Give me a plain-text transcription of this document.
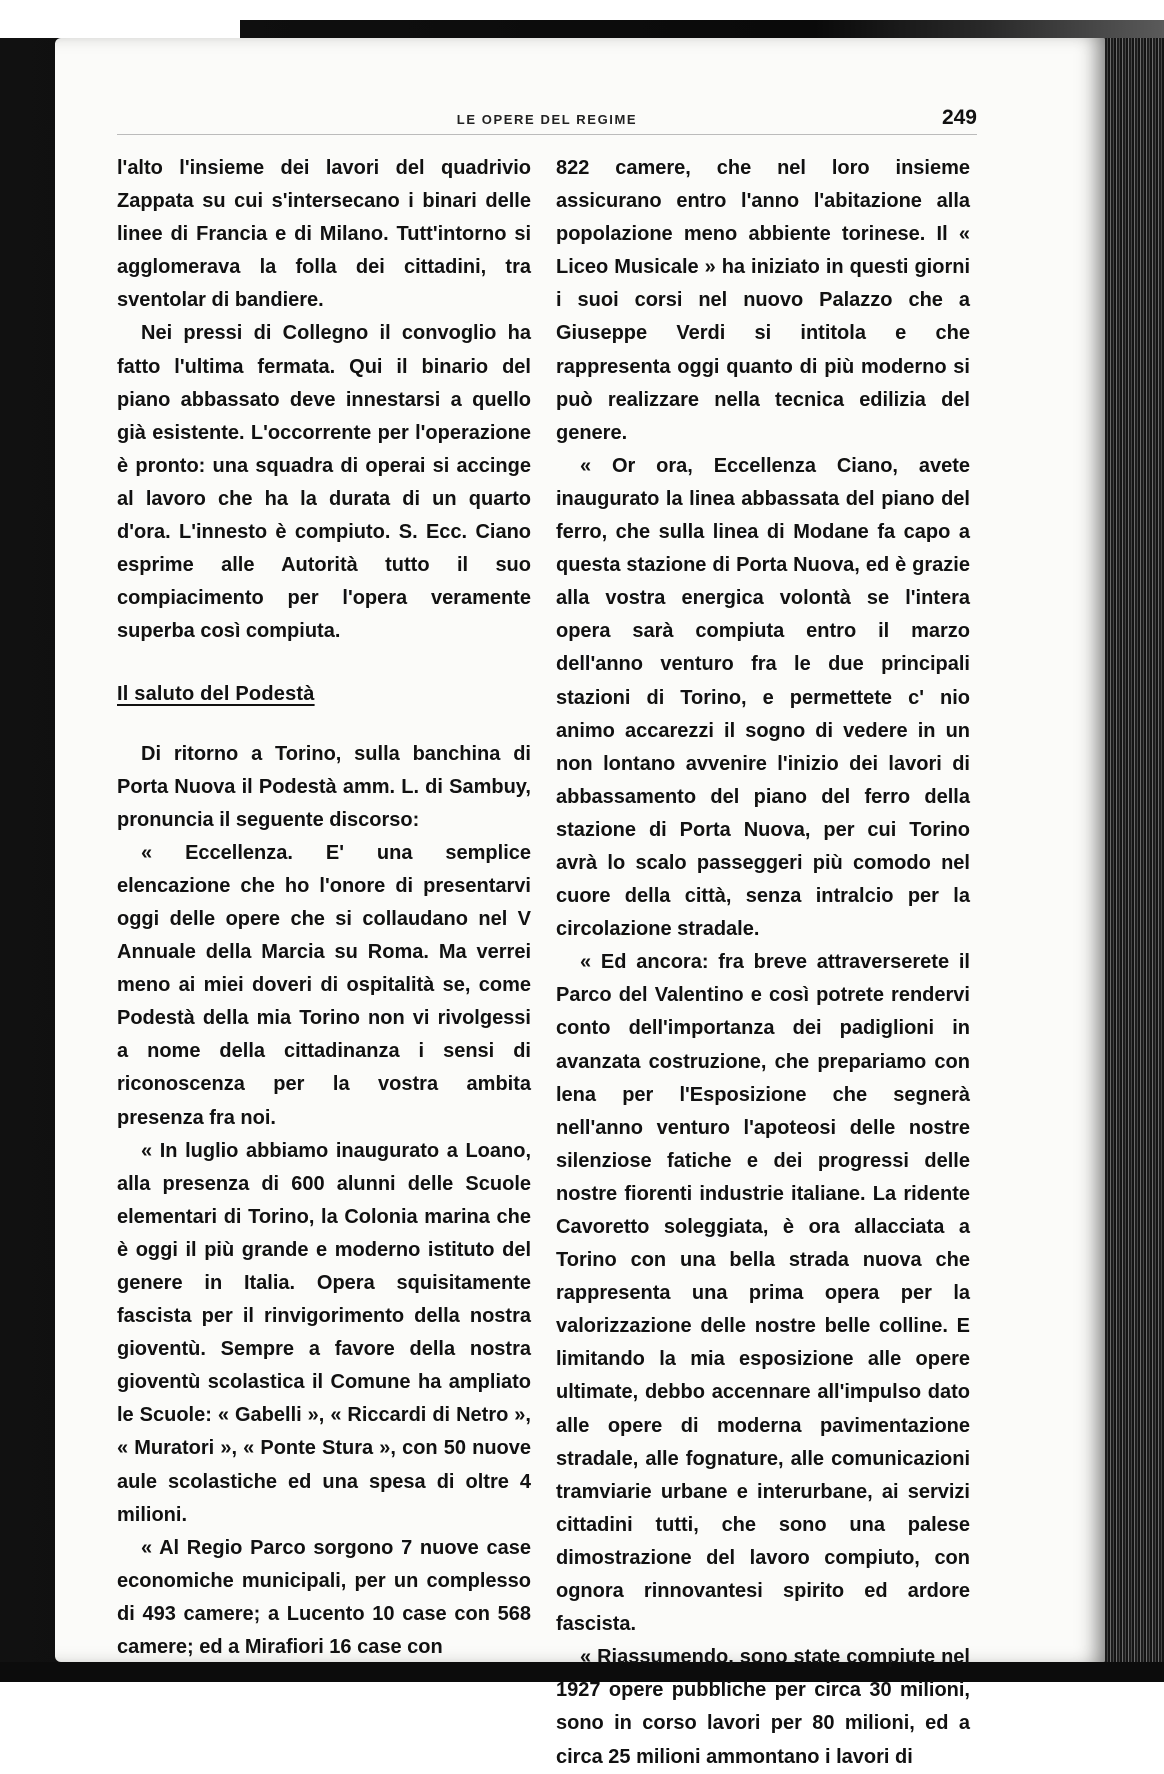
LE OPERE DEL REGIME	249

l'alto l'insieme dei lavori del quadrivio Zappata su cui s'intersecano i binari delle linee di Francia e di Milano. Tutt'intorno si agglomerava la folla dei cittadini, tra sventolar di bandiere.

Nei pressi di Collegno il convoglio ha fatto l'ultima fermata. Qui il binario del piano abbassato deve innestarsi a quello già esistente. L'occorrente per l'operazione è pronto: una squadra di operai si accinge al lavoro che ha la durata di un quarto d'ora. L'innesto è compiuto. S. Ecc. Ciano esprime alle Autorità tutto il suo compiacimento per l'opera veramente superba così compiuta.

Il saluto del Podestà

Di ritorno a Torino, sulla banchina di Porta Nuova il Podestà amm. L. di Sambuy, pronuncia il seguente discorso:

« Eccellenza. E' una semplice elencazione che ho l'onore di presentarvi oggi delle opere che si collaudano nel V Annuale della Marcia su Roma. Ma verrei meno ai miei doveri di ospitalità se, come Podestà della mia Torino non vi rivolgessi a nome della cittadinanza i sensi di riconoscenza per la vostra ambita presenza fra noi.

« In luglio abbiamo inaugurato a Loano, alla presenza di 600 alunni delle Scuole elementari di Torino, la Colonia marina che è oggi il più grande e moderno istituto del genere in Italia. Opera squisitamente fascista per il rinvigorimento della nostra gioventù. Sempre a favore della nostra gioventù scolastica il Comune ha ampliato le Scuole: « Gabelli », « Riccardi di Netro », « Muratori », « Ponte Stura », con 50 nuove aule scolastiche ed una spesa di oltre 4 milioni.

« Al Regio Parco sorgono 7 nuove case economiche municipali, per un complesso di 493 camere; a Lucento 10 case con 568 camere; ed a Mirafiori 16 case con

822 camere, che nel loro insieme assicurano entro l'anno l'abitazione alla popolazione meno abbiente torinese. Il « Liceo Musicale » ha iniziato in questi giorni i suoi corsi nel nuovo Palazzo che a Giuseppe Verdi si intitola e che rappresenta oggi quanto di più moderno si può realizzare nella tecnica edilizia del genere.

« Or ora, Eccellenza Ciano, avete inaugurato la linea abbassata del piano del ferro, che sulla linea di Modane fa capo a questa stazione di Porta Nuova, ed è grazie alla vostra energica volontà se l'intera opera sarà compiuta entro il marzo dell'anno venturo fra le due principali stazioni di Torino, e permettete c' nio animo accarezzi il sogno di vedere in un non lontano avvenire l'inizio dei lavori di abbassamento del piano del ferro della stazione di Porta Nuova, per cui Torino avrà lo scalo passeggeri più comodo nel cuore della città, senza intralcio per la circolazione stradale.

« Ed ancora: fra breve attraverserete il Parco del Valentino e così potrete rendervi conto dell'importanza dei padiglioni in avanzata costruzione, che prepariamo con lena per l'Esposizione che segnerà nell'anno venturo l'apoteosi delle nostre silenziose fatiche e dei progressi delle nostre fiorenti industrie italiane. La ridente Cavoretto soleggiata, è ora allacciata a Torino con una bella strada nuova che rappresenta una prima opera per la valorizzazione delle nostre belle colline. E limitando la mia esposizione alle opere ultimate, debbo accennare all'impulso dato alle opere di moderna pavimentazione stradale, alle fognature, alle comunicazioni tramviarie urbane e interurbane, ai servizi cittadini tutti, che sono una palese dimostrazione del lavoro compiuto, con ognora rinnovantesi spirito ed ardore fascista.

« Riassumendo, sono state compiute nel 1927 opere pubbliche per circa 30 milioni, sono in corso lavori per 80 milioni, ed a circa 25 milioni ammontano i lavori di
